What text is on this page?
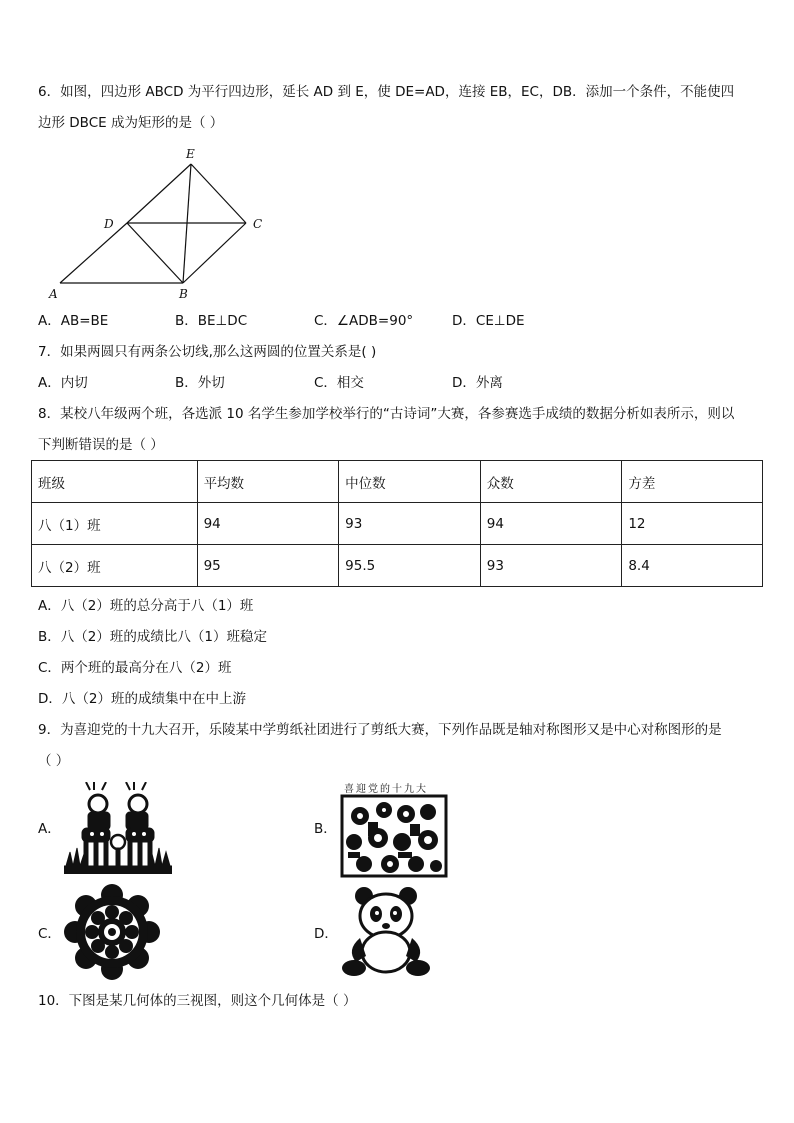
6．如图，四边形 ABCD 为平行四边形，延长 AD 到 E，使 DE=AD，连接 EB，EC，DB．添加一个条件，不能使四
边形 DBCE 成为矩形的是（ ）
E
D	C
A	B
A．AB=BE	B．BE⊥DC	C．∠ADB=90°	D．CE⊥DE
7．如果两圆只有两条公切线,那么这两圆的位置关系是( )
A．内切	B．外切	C．相交	D．外离
8．某校八年级两个班，各选派 10 名学生参加学校举行的“古诗词”大赛，各参赛选手成绩的数据分析如表所示，则以
下判断错误的是（ ）
班级	平均数	中位数	众数	方差
八（1）班	94	93	94	12
八（2）班	95	95.5	93	8.4
A．八（2）班的总分高于八（1）班
B．八（2）班的成绩比八（1）班稳定
C．两个班的最高分在八（2）班
D．八（2）班的成绩集中在中上游
9．为喜迎党的十九大召开，乐陵某中学剪纸社团进行了剪纸大赛，下列作品既是轴对称图形又是中心对称图形的是
（ ）
A．	B．
C．	D．
喜迎党的十九大
10．下图是某几何体的三视图，则这个几何体是（ ）
